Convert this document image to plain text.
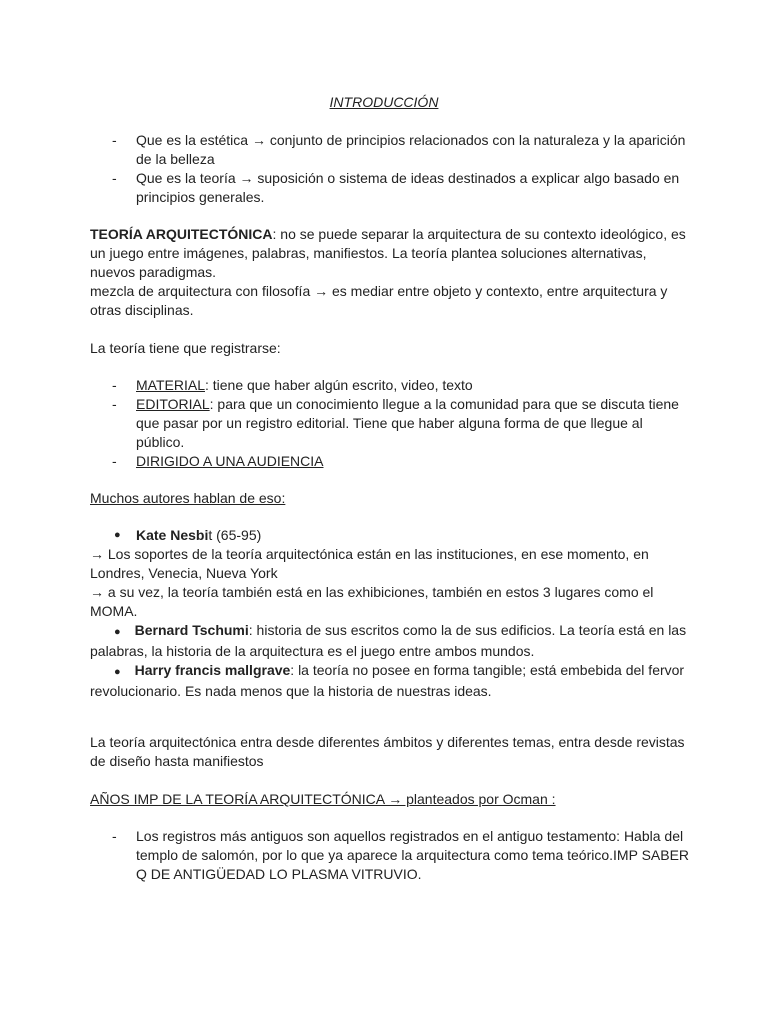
INTRODUCCIÓN
- Que es la estética → conjunto de principios relacionados con la naturaleza y la aparición de la belleza
- Que es la teoría → suposición o sistema de ideas destinados a explicar algo basado en principios generales.

TEORÍA ARQUITECTÓNICA: no se puede separar la arquitectura de su contexto ideológico, es un juego entre imágenes, palabras, manifiestos. La teoría plantea soluciones alternativas, nuevos paradigmas.

mezcla de arquitectura con filosofía → es mediar entre objeto y contexto, entre arquitectura y otras disciplinas.

La teoría tiene que registrarse:
- MATERIAL: tiene que haber algún escrito, video, texto
- EDITORIAL: para que un conocimiento llegue a la comunidad para que se discuta tiene que pasar por un registro editorial. Tiene que haber alguna forma de que llegue al público.
- DIRIGIDO A UNA AUDIENCIA
Muchos autores hablan de eso:
● Kate Nesbit (65-95)

→ Los soportes de la teoría arquitectónica están en las instituciones, en ese momento, en Londres, Venecia, Nueva York

→ a su vez, la teoría también está en las exhibiciones, también en estos 3 lugares como el MOMA.

● Bernard Tschumi: historia de sus escritos como la de sus edificios. La teoría está en las palabras, la historia de la arquitectura es el juego entre ambos mundos.

● Harry francis mallgrave: la teoría no posee en forma tangible; está embebida del fervor revolucionario. Es nada menos que la historia de nuestras ideas.

La teoría arquitectónica entra desde diferentes ámbitos y diferentes temas, entra desde revistas de diseño hasta manifiestos
AÑOS IMP DE LA TEORÍA ARQUITECTÓNICA → planteados por Ocman :
- Los registros más antiguos son aquellos registrados en el antiguo testamento: Habla del templo de salomón, por lo que ya aparece la arquitectura como tema teórico.IMP SABER Q DE ANTIGÜEDAD LO PLASMA VITRUVIO.
